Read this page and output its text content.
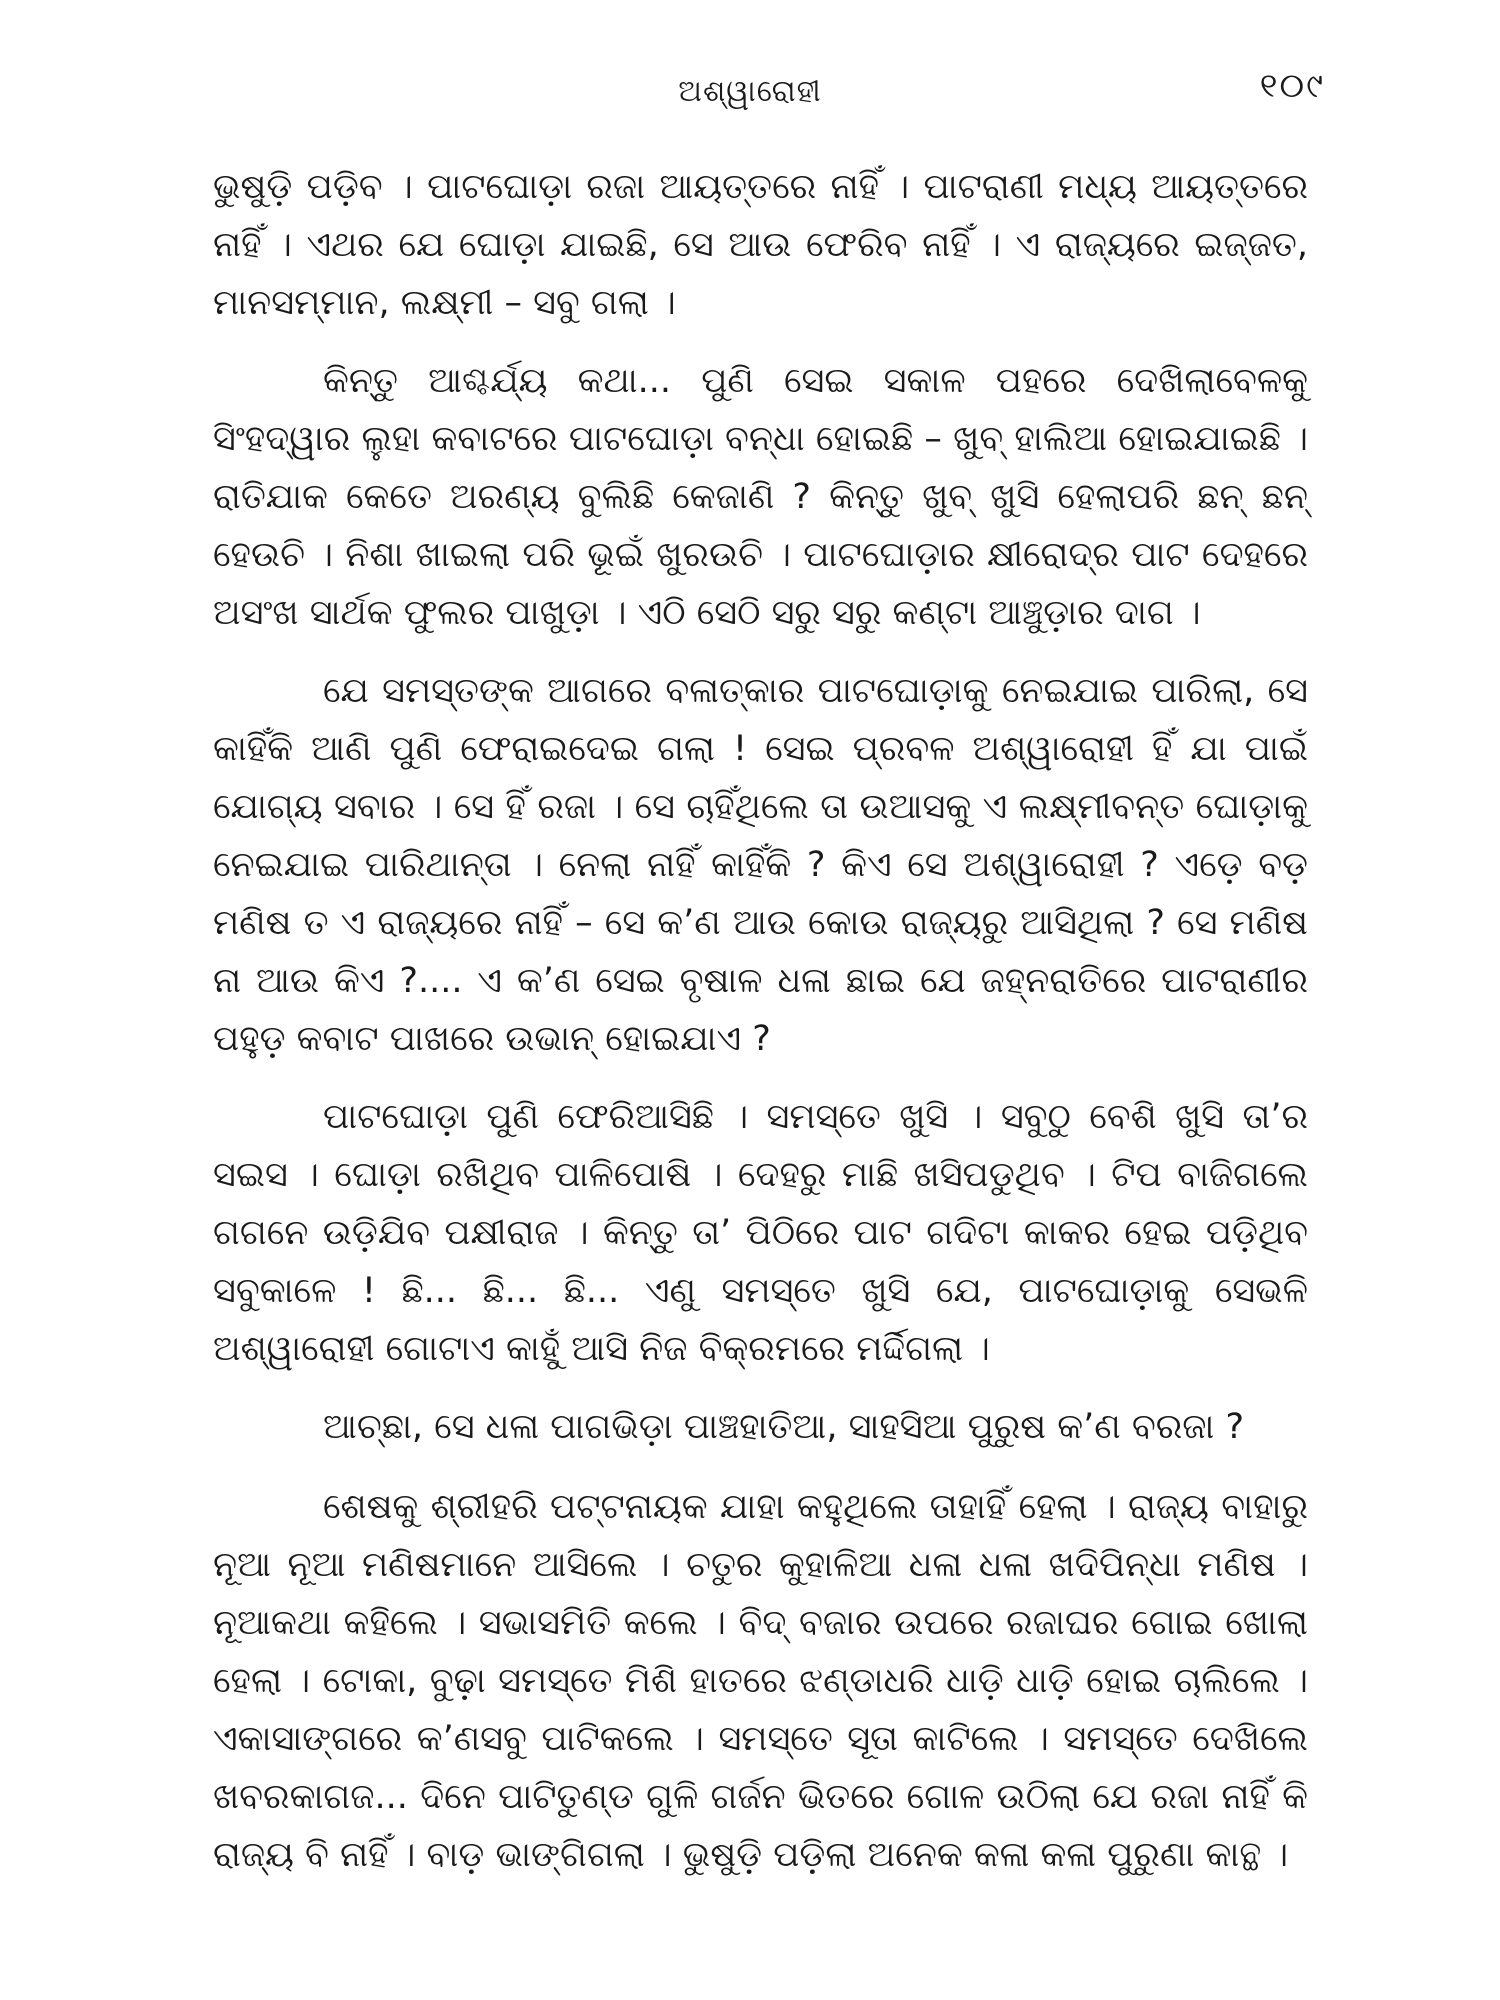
ଅଶ୍ୱାରୋହୀ	୧୦୯

ଭୁଷୁଡ଼ି ପଡ଼ିବ । ପାଟଘୋଡ଼ା ରଜା ଆୟତ୍ତରେ ନାହିଁ । ପାଟରାଣୀ ମଧ୍ୟ ଆୟତ୍ତରେ ନାହିଁ । ଏଥର ଯେ ଘୋଡ଼ା ଯାଇଛି, ସେ ଆଉ ଫେରିବ ନାହିଁ । ଏ ରାଜ୍ୟରେ ଇଜ୍ଜତ, ମାନସମ୍ମାନ, ଲକ୍ଷ୍ମୀ – ସବୁ ଗଲା ।

କିନ୍ତୁ ଆଶ୍ଚର୍ଯ୍ୟ କଥା... ପୁଣି ସେଇ ସକାଳ ପହରେ ଦେଖିଲାବେଳକୁ ସିଂହଦ୍ୱାର ଲୁହା କବାଟରେ ପାଟଘୋଡ଼ା ବନ୍ଧା ହୋଇଛି – ଖୁବ୍ ହାଲିଆ ହୋଇଯାଇଛି । ରାତିଯାକ କେତେ ଅରଣ୍ୟ ବୁଲିଛି କେଜାଣି ? କିନ୍ତୁ ଖୁବ୍ ଖୁସି ହେଲାପରି ଛନ୍ ଛନ୍ ହେଉଚି । ନିଶା ଖାଇଲା ପରି ଭୂଇଁ ଖୁରଉଚି । ପାଟଘୋଡ଼ାର କ୍ଷୀରୋଦ୍ର ପାଟ ଦେହରେ ଅସଂଖ ସାର୍ଥକ ଫୁଲର ପାଖୁଡ଼ା । ଏଠି ସେଠି ସରୁ ସରୁ କଣ୍ଟା ଆଞ୍ଚୁଡ଼ାର ଦାଗ ।

ଯେ ସମସ୍ତଙ୍କ ଆଗରେ ବଳାତ୍କାର ପାଟଘୋଡ଼ାକୁ ନେଇଯାଇ ପାରିଲା, ସେ କାହିଁକି ଆଣି ପୁଣି ଫେରାଇଦେଇ ଗଲା ! ସେଇ ପ୍ରବଳ ଅଶ୍ୱାରୋହୀ ହିଁ ଯା ପାଇଁ ଯୋଗ୍ୟ ସବାର । ସେ ହିଁ ରଜା । ସେ ଚାହିଁଥିଲେ ତା ଉଆସକୁ ଏ ଲକ୍ଷ୍ମୀବନ୍ତ ଘୋଡ଼ାକୁ ନେଇଯାଇ ପାରିଥାନ୍ତା । ନେଲା ନାହିଁ କାହିଁକି ? କିଏ ସେ ଅଶ୍ୱାରୋହୀ ? ଏଡ଼େ ବଡ଼ ମଣିଷ ତ ଏ ରାଜ୍ୟରେ ନାହିଁ – ସେ କ’ଣ ଆଉ କୋଉ ରାଜ୍ୟରୁ ଆସିଥିଲା ? ସେ ମଣିଷ ନା ଆଉ କିଏ ?.... ଏ କ’ଣ ସେଇ ବୃଷାଳ ଧଳା ଛାଇ ଯେ ଜହ୍ନରାତିରେ ପାଟରାଣୀର ପହୁଡ଼ କବାଟ ପାଖରେ ଉଭାନ୍ ହୋଇଯାଏ ?

ପାଟଘୋଡ଼ା ପୁଣି ଫେରିଆସିଛି । ସମସ୍ତେ ଖୁସି । ସବୁଠୁ ବେଶି ଖୁସି ତା’ର ସଇସ । ଘୋଡ଼ା ରଖିଥିବ ପାଳିପୋଷି । ଦେହରୁ ମାଛି ଖସିପଡୁଥିବ । ଟିପ ବାଜିଗଲେ ଗଗନେ ଉଡ଼ିଯିବ ପକ୍ଷୀରାଜ । କିନ୍ତୁ ତା’ ପିଠିରେ ପାଟ ଗଦିଟା କାକର ହେଇ ପଡ଼ିଥିବ ସବୁକାଳେ ! ଛି... ଛି... ଛି... ଏଣୁ ସମସ୍ତେ ଖୁସି ଯେ, ପାଟଘୋଡ଼ାକୁ ସେଭଳି ଅଶ୍ୱାରୋହୀ ଗୋଟାଏ କାହୁଁ ଆସି ନିଜ ବିକ୍ରମରେ ମର୍ଦ୍ଦିଗଲା ।

ଆଚ୍ଛା, ସେ ଧଳା ପାଗଭିଡ଼ା ପାଞ୍ଚହାତିଆ, ସାହସିଆ ପୁରୁଷ କ’ଣ ବରଜା ?

ଶେଷକୁ ଶ୍ରୀହରି ପଟ୍ଟନାୟକ ଯାହା କହୁଥିଲେ ତାହାହିଁ ହେଲା । ରାଜ୍ୟ ବାହାରୁ ନୂଆ ନୂଆ ମଣିଷମାନେ ଆସିଲେ । ଚତୁର କୁହାଳିଆ ଧଳା ଧଳା ଖଦିପିନ୍ଧା ମଣିଷ । ନୂଆକଥା କହିଲେ । ସଭାସମିତି କଲେ । ବିଦ୍ ବଜାର ଉପରେ ରଜାଘର ଗୋଇ ଖୋଲା ହେଲା । ଟୋକା, ବୁଢ଼ା ସମସ୍ତେ ମିଶି ହାତରେ ଝଣ୍ଡାଧରି ଧାଡ଼ି ଧାଡ଼ି ହୋଇ ଚାଲିଲେ । ଏକାସାଙ୍ଗରେ କ’ଣସବୁ ପାଟିକଲେ । ସମସ୍ତେ ସୂତା କାଟିଲେ । ସମସ୍ତେ ଦେଖିଲେ ଖବରକାଗଜ... ଦିନେ ପାଟିତୁଣ୍ଡ ଗୁଳି ଗର୍ଜନ ଭିତରେ ଗୋଳ ଉଠିଲା ଯେ ରଜା ନାହିଁ କି ରାଜ୍ୟ ବି ନାହିଁ । ବାଡ଼ ଭାଙ୍ଗିଗଲା । ଭୁଷୁଡ଼ି ପଡ଼ିଲା ଅନେକ କଳା କଳା ପୁରୁଣା କାନ୍ଥ ।
